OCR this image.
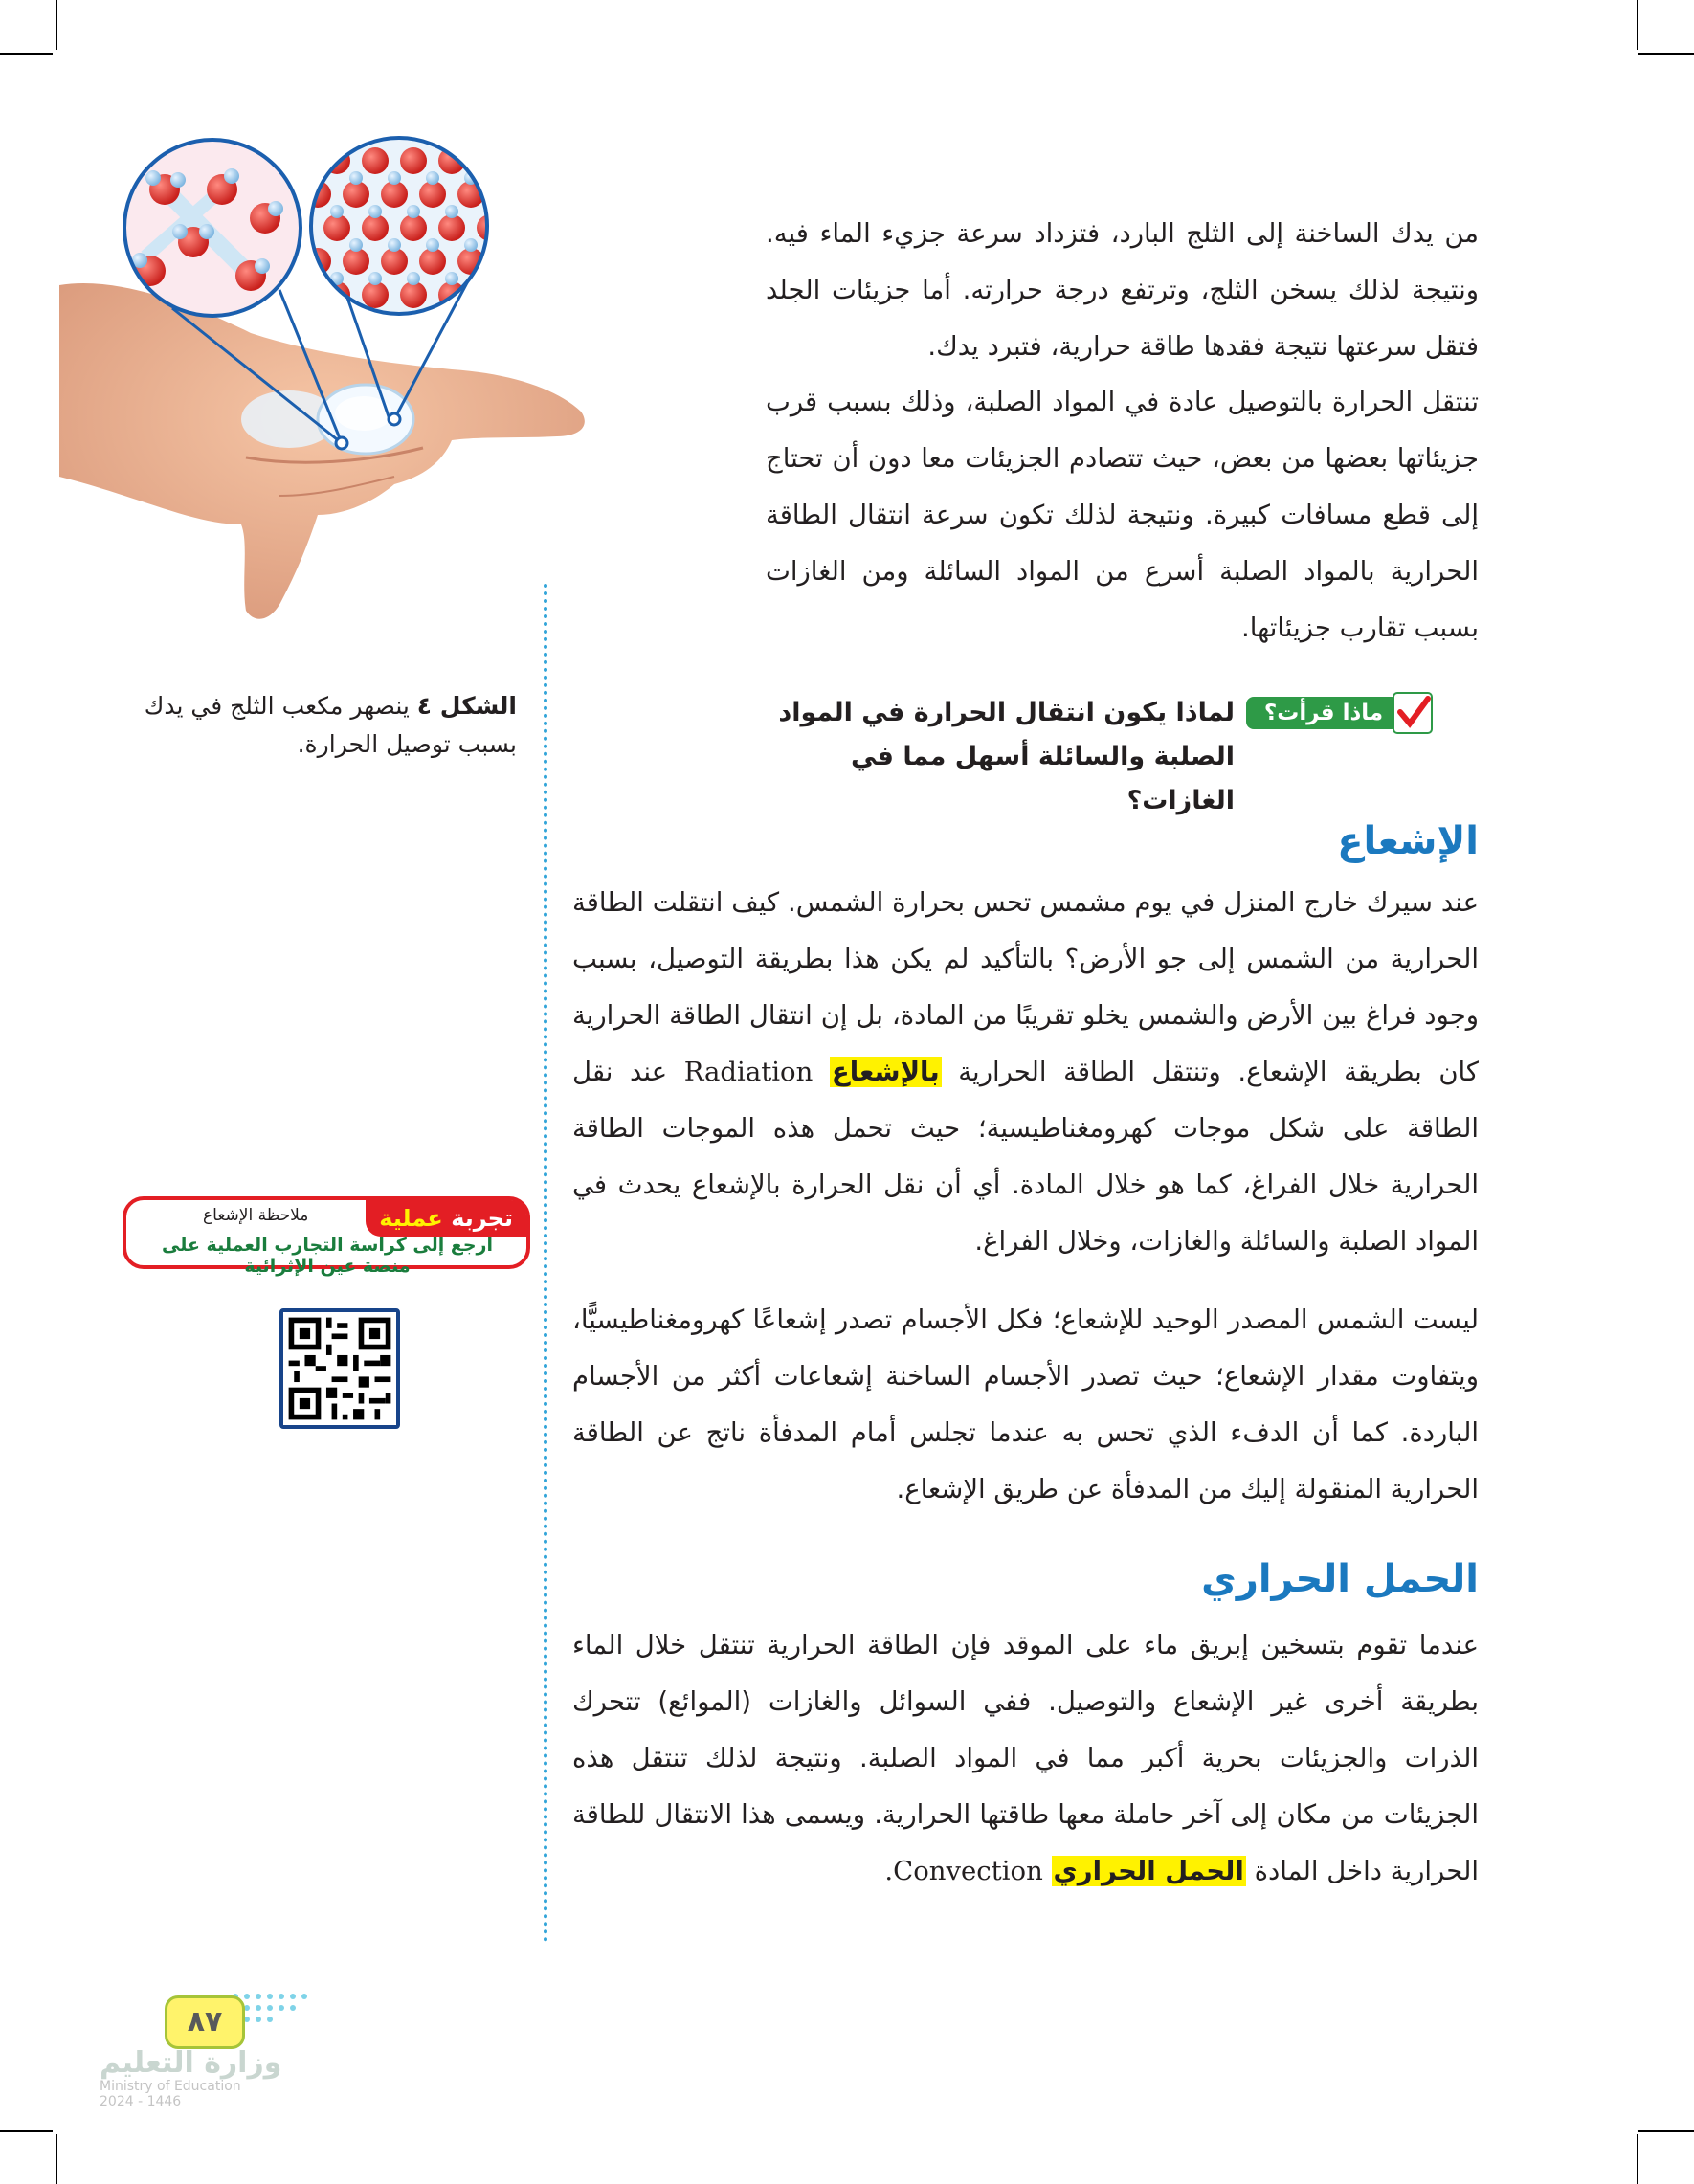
من يدك الساخنة إلى الثلج البارد، فتزداد سرعة جزيء الماء فيه. ونتيجة لذلك يسخن الثلج، وترتفع درجة حرارته. أما جزيئات الجلد فتقل سرعتها نتيجة فقدها طاقة حرارية، فتبرد يدك.

تنتقل الحرارة بالتوصيل عادة في المواد الصلبة، وذلك بسبب قرب جزيئاتها بعضها من بعض، حيث تتصادم الجزيئات معا دون أن تحتاج إلى قطع مسافات كبيرة. ونتيجة لذلك تكون سرعة انتقال الطاقة الحرارية بالمواد الصلبة أسرع من المواد السائلة ومن الغازات بسبب تقارب جزيئاتها.

ماذا قرأت؟
لماذا يكون انتقال الحرارة في المواد الصلبة والسائلة أسهل مما في الغازات؟
الإشعاع

عند سيرك خارج المنزل في يوم مشمس تحس بحرارة الشمس. كيف انتقلت الطاقة الحرارية من الشمس إلى جو الأرض؟ بالتأكيد لم يكن هذا بطريقة التوصيل، بسبب وجود فراغ بين الأرض والشمس يخلو تقريبًا من المادة، بل إن انتقال الطاقة الحرارية كان بطريقة الإشعاع. وتنتقل الطاقة الحرارية بالإشعاع Radiation عند نقل الطاقة على شكل موجات كهرومغناطيسية؛ حيث تحمل هذه الموجات الطاقة الحرارية خلال الفراغ، كما هو خلال المادة. أي أن نقل الحرارة بالإشعاع يحدث في المواد الصلبة والسائلة والغازات، وخلال الفراغ.

ليست الشمس المصدر الوحيد للإشعاع؛ فكل الأجسام تصدر إشعاعًا كهرومغناطيسيًّا، ويتفاوت مقدار الإشعاع؛ حيث تصدر الأجسام الساخنة إشعاعات أكثر من الأجسام الباردة. كما أن الدفء الذي تحس به عندما تجلس أمام المدفأة ناتج عن الطاقة الحرارية المنقولة إليك من المدفأة عن طريق الإشعاع.

الحمل الحراري

عندما تقوم بتسخين إبريق ماء على الموقد فإن الطاقة الحرارية تنتقل خلال الماء بطريقة أخرى غير الإشعاع والتوصيل. ففي السوائل والغازات (الموائع) تتحرك الذرات والجزيئات بحرية أكبر مما في المواد الصلبة. ونتيجة لذلك تنتقل هذه الجزيئات من مكان إلى آخر حاملة معها طاقتها الحرارية. ويسمى هذا الانتقال للطاقة الحرارية داخل المادة الحمل الحراري Convection.

الشكل ٤ ينصهر مكعب الثلج في يدك بسبب توصيل الحرارة.
تجربة عملية
ملاحظة الإشعاع
ارجع إلى كراسة التجارب العملية على منصة عين الإثرائية
٨٧
وزارة التعليم
Ministry of Education
2024 - 1446
